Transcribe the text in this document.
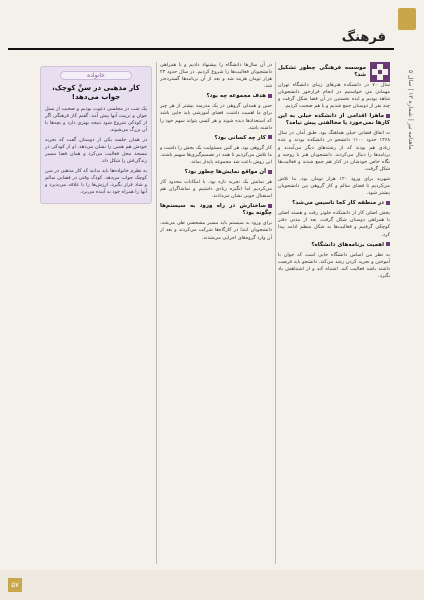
فرهنگ
ماهنامه تیر | شماره ۱۳ | سال ۵
موسسه فرهنگی چطور تشکیل شد؟

سال ۷۰ در دانشکده هنرهای زیبای دانشگاه تهران مهمانی مي خواستيم در انجام فرارخور دانشجويان شاهد بودیم و ایده نخستین در آن فضا شکل گرفت و چند نفر از دوستان جمع شدیم و با هم صحبت کردیم.

ماهرا اقدامی از دانشکده خیلی به این کارها نمی‌خورد یا مخالفتی پیش نیامد؟

به اتفاق فضایی خیلی هماهنگ بود. طبق آمار، در سال ۱۳۶۸ حدود ۱۱۰۰ دانشجو در دانشکده بودند و عده زیادی هم بودند که از رشته‌های دیگر می‌آمدند و برنامه‌ها را دنبال می‌کردند. دانشجویان هنر با روحیه و نگاه خاص خودشان در کنار هم جمع شدند و فعالیت‌ها شکل گرفت.

شهریه برای ورود ۱۲۰ هزار تومان بود. ما تلاش می‌کردیم تا فضای سالم و کار گروهی بین دانشجویان بیشتر شود.

در منطقه کار کجا تاسیس می‌شد؟

بخش اصلی کار از دانشکده جلوتر رفت و هسته اصلی با همراهی دوستان شکل گرفت. بعد از مدتی دفتر کوچکی گرفتیم و فعالیت‌ها به شکل منظم ادامه پیدا کرد.

اهمیت برنامه‌های دانشگاه؟

به نظر من اساس دانشگاه جایی است که جوان با آموختن و تجربه کردن رشد می‌کند. دانشجو باید فرصت داشته باشد فعالیت کند، اشتباه کند و از اشتباهش یاد بگیرد.

در آن سال‌ها دانشگاه را پیشنهاد دادیم و با همراهی دانشجویان فعالیت‌ها را شروع کردیم. در سال حدود ۲۳ هزار تومان هزینه شد و بعد از آن برنامه‌ها گسترده‌تر شد.

هدف مجموعه چه بود؟

حس و همدلی گروهی در یک مدرسه بیشتر از هر چیز برای ما اهمیت داشت. فضای آموزشی باید جایی باشد که استعدادها دیده شوند و هر کسی بتواند سهم خود را داشته باشد.

کار چه کسانی بود؟

کار گروهی بود. هر کس مسئولیت یک بخش را داشت و ما تلاش می‌کردیم تا همه در تصمیم‌گیری‌ها سهیم باشند. این روش باعث شد مجموعه پایدار بماند.

آن مواقع نمایش‌ها چطور بود؟

هر نمایش یک تجربه تازه بود. با امکانات محدود کار می‌کردیم اما انگیزه زیادی داشتیم و تماشاگران هم استقبال خوبی نشان می‌دادند.

ساختارش در راه ورود به سیستم‌ها چگونه بود؟

برای ورود به سیستم باید مسیر مشخصی طی می‌شد. دانشجویان ابتدا در کارگاه‌ها شرکت می‌کردند و بعد از آن وارد گروه‌های اجرایی می‌شدند.

خانواده
کار مذهبی در سنِّ کوچک، جواب می‌دهد!

یک شب در مجلسی دعوت بودیم و صحبت از نسل جوان و تربیت آنها پیش آمد. گفتم کار فرهنگی اگر از کودکی شروع شود نتیجه بهتری دارد و بچه‌ها با آن بزرگ می‌شوند.

در همان جلسه یکی از دوستان گفت که تجربه خودش هم همین را نشان می‌دهد. او از کودکی در مسجد محل فعالیت می‌کرد و همان فضا مسیر زندگی‌اش را شکل داد.

به نظرم خانواده‌ها باید بدانند که کار مذهبی در سن کوچک جواب می‌دهد. کودک وقتی در فضایی سالم و شاد قرار بگیرد، ارزش‌ها را با علاقه می‌پذیرد و آنها را همراه خود به آینده می‌برد.

۵۷
